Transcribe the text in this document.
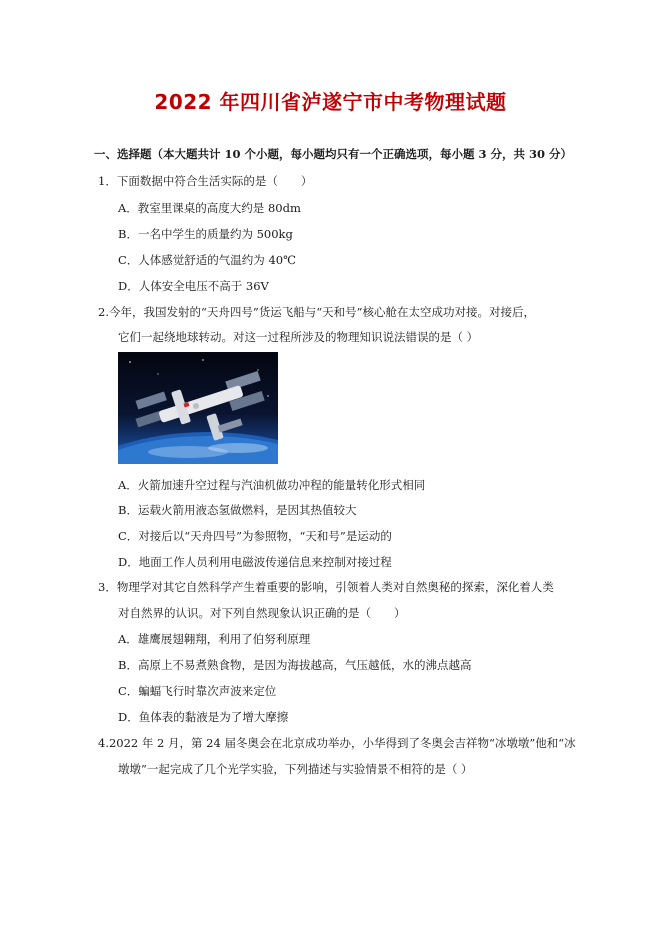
2022 年四川省泸遂宁市中考物理试题
一、选择题（本大题共计 10 个小题，每小题均只有一个正确选项，每小题 3 分，共 30 分）
1．下面数据中符合生活实际的是（　　）
A．教室里课桌的高度大约是 80dm
B．一名中学生的质量约为 500kg
C．人体感觉舒适的气温约为 40℃
D．人体安全电压不高于 36V
2.今年，我国发射的“天舟四号”货运飞船与“天和号”核心舱在太空成功对接。对接后，
它们一起绕地球转动。对这一过程所涉及的物理知识说法错误的是（ ）
A．火箭加速升空过程与汽油机做功冲程的能量转化形式相同
B．运载火箭用液态氢做燃料，是因其热值较大
C．对接后以“天舟四号”为参照物，“天和号”是运动的
D．地面工作人员利用电磁波传递信息来控制对接过程
3．物理学对其它自然科学产生着重要的影响，引领着人类对自然奥秘的探索，深化着人类
对自然界的认识。对下列自然现象认识正确的是（　　）
A．雄鹰展翅翱翔，利用了伯努利原理
B．高原上不易煮熟食物，是因为海拔越高，气压越低，水的沸点越高
C．蝙蝠飞行时靠次声波来定位
D．鱼体表的黏液是为了增大摩擦
4.2022 年 2 月，第 24 届冬奥会在北京成功举办，小华得到了冬奥会吉祥物“冰墩墩”他和“冰
墩墩”一起完成了几个光学实验，下列描述与实验情景不相符的是（ ）
